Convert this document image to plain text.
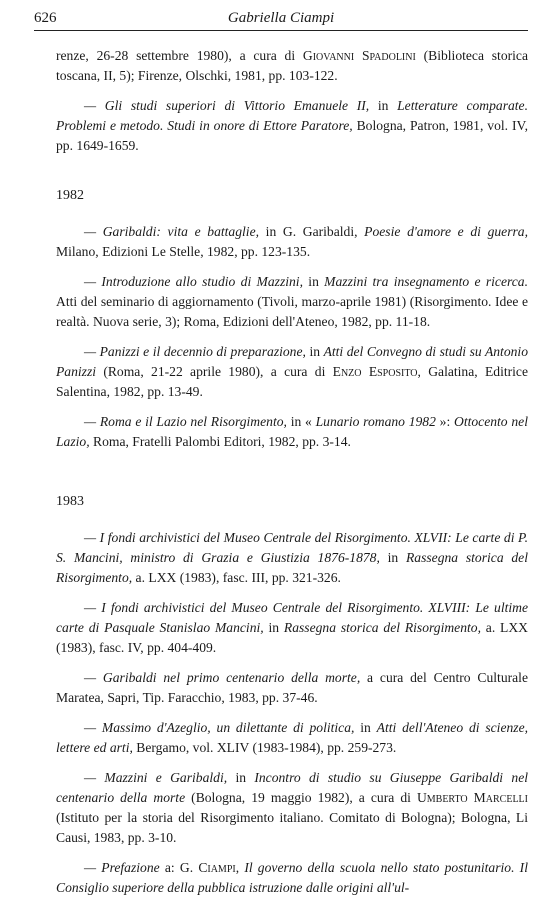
626	Gabriella Ciampi

renze, 26-28 settembre 1980), a cura di Giovanni Spadolini (Biblioteca storica toscana, II, 5); Firenze, Olschki, 1981, pp. 103-122.

— Gli studi superiori di Vittorio Emanuele II, in Letterature comparate. Problemi e metodo. Studi in onore di Ettore Paratore, Bologna, Patron, 1981, vol. IV, pp. 1649-1659.

1982

— Garibaldi: vita e battaglie, in G. Garibaldi, Poesie d'amore e di guerra, Milano, Edizioni Le Stelle, 1982, pp. 123-135.

— Introduzione allo studio di Mazzini, in Mazzini tra insegnamento e ricerca. Atti del seminario di aggiornamento (Tivoli, marzo-aprile 1981) (Risorgimento. Idee e realtà. Nuova serie, 3); Roma, Edizioni dell'Ateneo, 1982, pp. 11-18.

— Panizzi e il decennio di preparazione, in Atti del Convegno di studi su Antonio Panizzi (Roma, 21-22 aprile 1980), a cura di Enzo Esposito, Galatina, Editrice Salentina, 1982, pp. 13-49.

— Roma e il Lazio nel Risorgimento, in « Lunario romano 1982 »: Ottocento nel Lazio, Roma, Fratelli Palombi Editori, 1982, pp. 3-14.

1983

— I fondi archivistici del Museo Centrale del Risorgimento. XLVII: Le carte di P. S. Mancini, ministro di Grazia e Giustizia 1876-1878, in Rassegna storica del Risorgimento, a. LXX (1983), fasc. III, pp. 321-326.

— I fondi archivistici del Museo Centrale del Risorgimento. XLVIII: Le ultime carte di Pasquale Stanislao Mancini, in Rassegna storica del Risorgimento, a. LXX (1983), fasc. IV, pp. 404-409.

— Garibaldi nel primo centenario della morte, a cura del Centro Culturale Maratea, Sapri, Tip. Faracchio, 1983, pp. 37-46.

— Massimo d'Azeglio, un dilettante di politica, in Atti dell'Ateneo di scienze, lettere ed arti, Bergamo, vol. XLIV (1983-1984), pp. 259-273.

— Mazzini e Garibaldi, in Incontro di studio su Giuseppe Garibaldi nel centenario della morte (Bologna, 19 maggio 1982), a cura di Umberto Marcelli (Istituto per la storia del Risorgimento italiano. Comitato di Bologna); Bologna, Li Causi, 1983, pp. 3-10.

— Prefazione a: G. Ciampi, Il governo della scuola nello stato postunitario. Il Consiglio superiore della pubblica istruzione dalle origini all'ul-
